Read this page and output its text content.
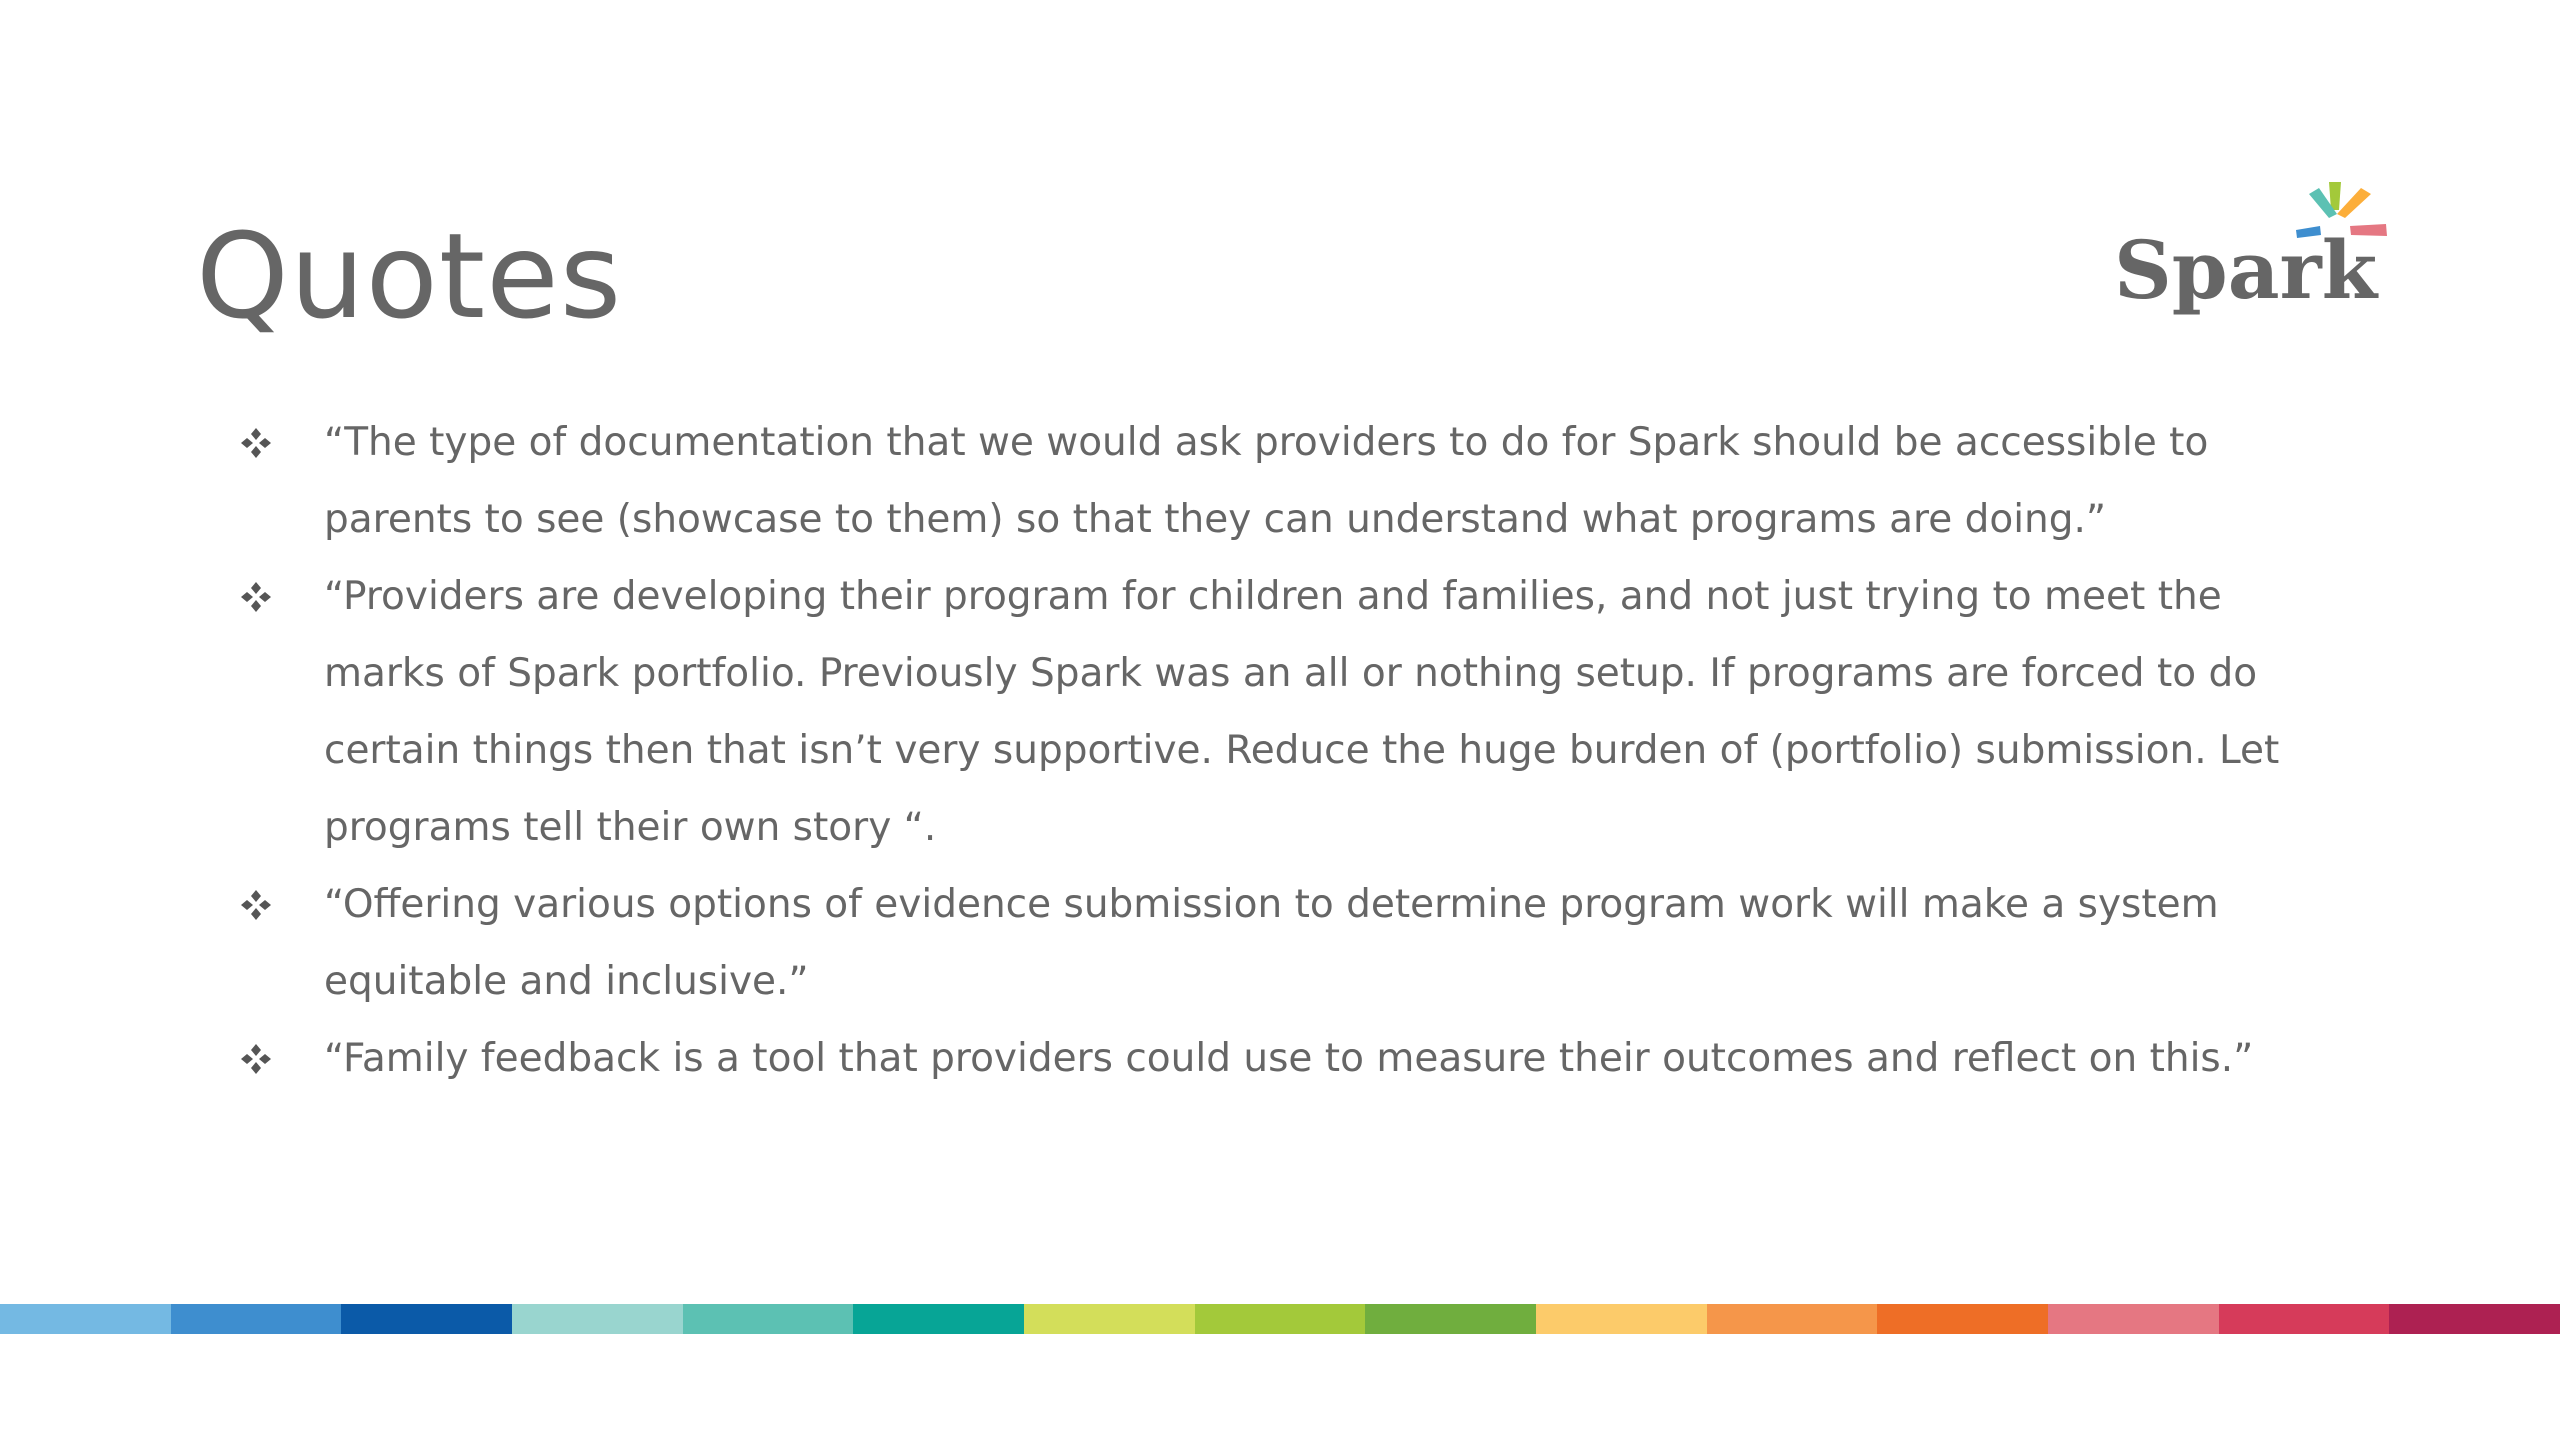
Quotes	Spark
“The type of documentation that we would ask providers to do for Spark should be accessible to parents to see (showcase to them) so that they can understand what programs are doing.”
“Providers are developing their program for children and families, and not just trying to meet the marks of Spark portfolio. Previously Spark was an all or nothing setup. If programs are forced to do certain things then that isn’t very supportive. Reduce the huge burden of (portfolio) submission. Let programs tell their own story “.
“Offering various options of evidence submission to determine program work will make a system equitable and inclusive.”
“Family feedback is a tool that providers could use to measure their outcomes and reflect on this.”
